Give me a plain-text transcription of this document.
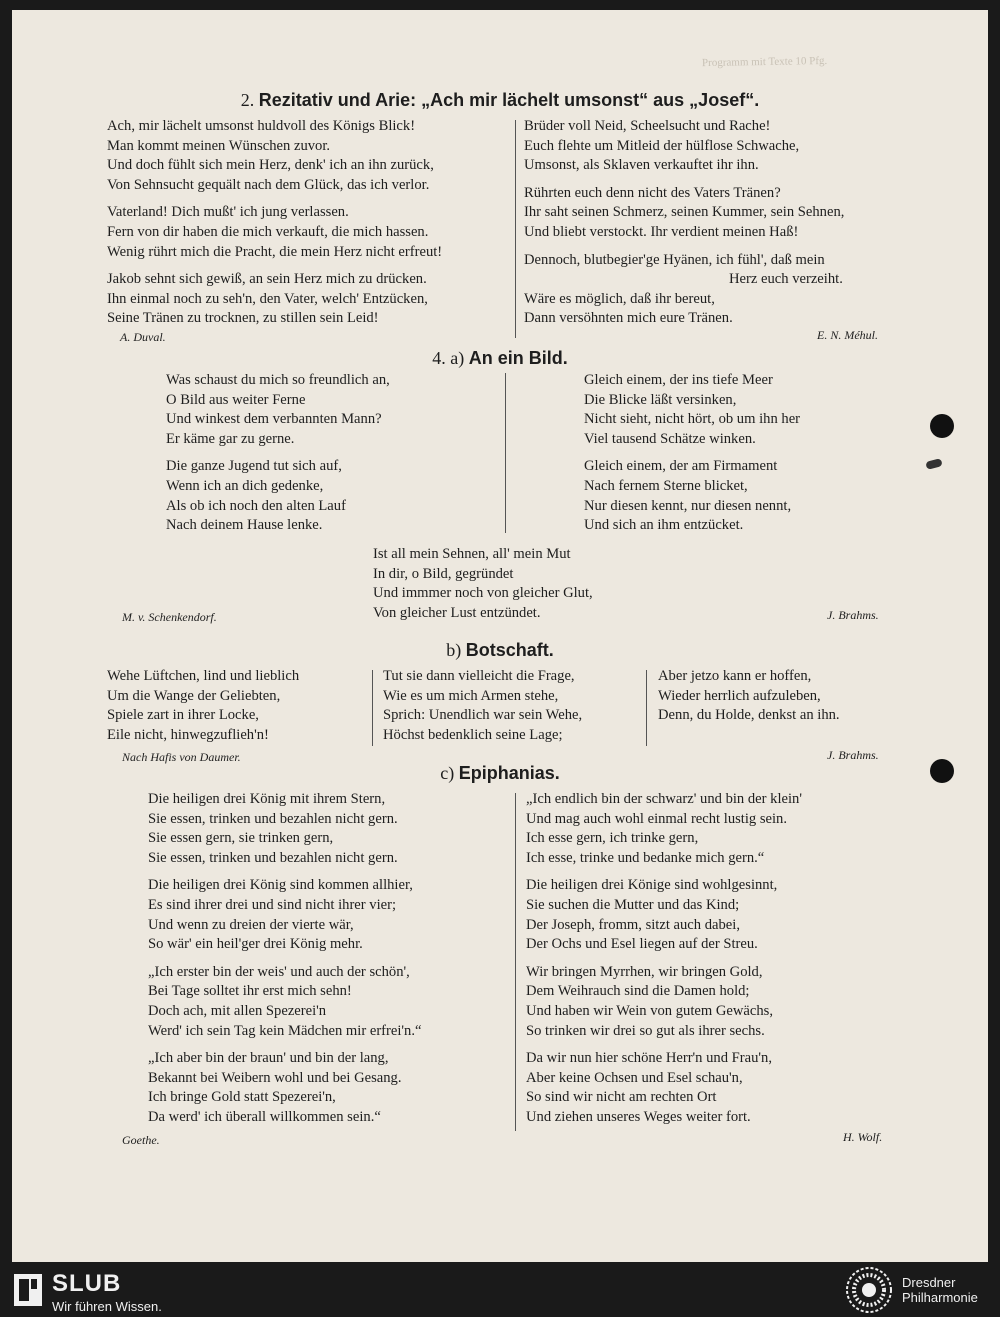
Programm mit Texte 10 Pfg.
2. Rezitativ und Arie: „Ach mir lächelt umsonst“ aus „Josef“.
Ach, mir lächelt umsonst huldvoll des Königs Blick!
Man kommt meinen Wünschen zuvor.
Und doch fühlt sich mein Herz, denk' ich an ihn zurück,
Von Sehnsucht gequält nach dem Glück, das ich verlor.
Vaterland! Dich mußt' ich jung verlassen.
Fern von dir haben die mich verkauft, die mich hassen.
Wenig rührt mich die Pracht, die mein Herz nicht erfreut!
Jakob sehnt sich gewiß, an sein Herz mich zu drücken.
Ihn einmal noch zu seh'n, den Vater, welch' Entzücken,
Seine Tränen zu trocknen, zu stillen sein Leid!
Brüder voll Neid, Scheelsucht und Rache!
Euch flehte um Mitleid der hülflose Schwache,
Umsonst, als Sklaven verkauftet ihr ihn.
Rührten euch denn nicht des Vaters Tränen?
Ihr saht seinen Schmerz, seinen Kummer, sein Sehnen,
Und bliebt verstockt. Ihr verdient meinen Haß!
Dennoch, blutbegier'ge Hyänen, ich fühl', daß mein
Herz euch verzeiht.
Wäre es möglich, daß ihr bereut,
Dann versöhnten mich eure Tränen.
A. Duval.	E. N. Méhul.
4. a) An ein Bild.
Was schaust du mich so freundlich an,
O Bild aus weiter Ferne
Und winkest dem verbannten Mann?
Er käme gar zu gerne.
Die ganze Jugend tut sich auf,
Wenn ich an dich gedenke,
Als ob ich noch den alten Lauf
Nach deinem Hause lenke.
Gleich einem, der ins tiefe Meer
Die Blicke läßt versinken,
Nicht sieht, nicht hört, ob um ihn her
Viel tausend Schätze winken.
Gleich einem, der am Firmament
Nach fernem Sterne blicket,
Nur diesen kennt, nur diesen nennt,
Und sich an ihm entzücket.
Ist all mein Sehnen, all' mein Mut
In dir, o Bild, gegründet
Und immmer noch von gleicher Glut,
Von gleicher Lust entzündet.
M. v. Schenkendorf.	J. Brahms.
b) Botschaft.
Wehe Lüftchen, lind und lieblich
Um die Wange der Geliebten,
Spiele zart in ihrer Locke,
Eile nicht, hinwegzuflieh'n!
Tut sie dann vielleicht die Frage,
Wie es um mich Armen stehe,
Sprich: Unendlich war sein Wehe,
Höchst bedenklich seine Lage;
Aber jetzo kann er hoffen,
Wieder herrlich aufzuleben,
Denn, du Holde, denkst an ihn.
Nach Hafis von Daumer.	J. Brahms.
c) Epiphanias.
Die heiligen drei König mit ihrem Stern,
Sie essen, trinken und bezahlen nicht gern.
Sie essen gern, sie trinken gern,
Sie essen, trinken und bezahlen nicht gern.
Die heiligen drei König sind kommen allhier,
Es sind ihrer drei und sind nicht ihrer vier;
Und wenn zu dreien der vierte wär,
So wär' ein heil'ger drei König mehr.
„Ich erster bin der weis' und auch der schön',
Bei Tage solltet ihr erst mich sehn!
Doch ach, mit allen Spezerei'n
Werd' ich sein Tag kein Mädchen mir erfrei'n.“
„Ich aber bin der braun' und bin der lang,
Bekannt bei Weibern wohl und bei Gesang.
Ich bringe Gold statt Spezerei'n,
Da werd' ich überall willkommen sein.“
„Ich endlich bin der schwarz' und bin der klein'
Und mag auch wohl einmal recht lustig sein.
Ich esse gern, ich trinke gern,
Ich esse, trinke und bedanke mich gern.“
Die heiligen drei Könige sind wohlgesinnt,
Sie suchen die Mutter und das Kind;
Der Joseph, fromm, sitzt auch dabei,
Der Ochs und Esel liegen auf der Streu.
Wir bringen Myrrhen, wir bringen Gold,
Dem Weihrauch sind die Damen hold;
Und haben wir Wein von gutem Gewächs,
So trinken wir drei so gut als ihrer sechs.
Da wir nun hier schöne Herr'n und Frau'n,
Aber keine Ochsen und Esel schau'n,
So sind wir nicht am rechten Ort
Und ziehen unseres Weges weiter fort.
Goethe.	H. Wolf.
SLUB
Wir führen Wissen.
Dresdner
Philharmonie
